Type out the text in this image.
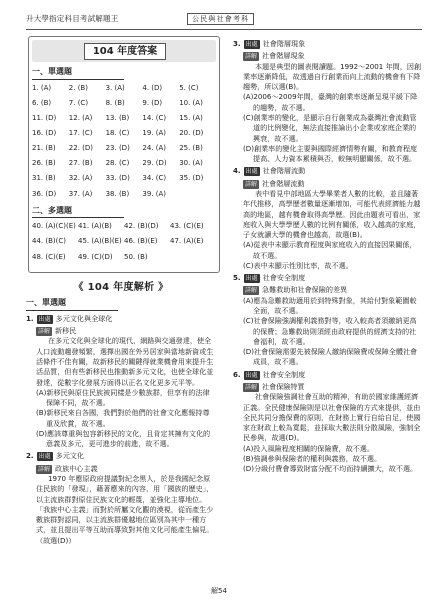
升大學指定科目考試解題王	公民與社會考科
104 年度答案
一、單選題
1. (A)	2. (B)	3. (A)	4. (D)	5. (C)
6. (B)	7. (C)	8. (B)	9. (D)	10. (A)
11. (D)	12. (A)	13. (B)	14. (C)	15. (A)
16. (D)	17. (C)	18. (C)	19. (A)	20. (D)
21. (B)	22. (D)	23. (D)	24. (A)	25. (B)
26. (B)	27. (B)	28. (C)	29. (D)	30. (A)
31. (B)	32. (A)	33. (D)	34. (C)	35. (D)
36. (D)	37. (A)	38. (B)	39. (A)
二、多選題
40. (A)(C)(E) 41. (A)(B)	42. (B)(D)	43. (C)(E)
44. (B)(C)	45. (A)(B)(E) 46. (B)(E)	47. (A)(E)
48. (C)(E)	49. (C)(D)	50. (B)
《 104 年度解析 》
一、單選題
1. 出處 多元文化與全球化
詳解 新移民
在多元文化與全球化的現代，網路與交通發達，使全人口流動趨發頻繁，選擇出國在外另居家與當地新資或生活條件不佳有關，故新移民的關鍵得就業機會用來提升生活品質，但有些新移民也推動新多元文化，也使全球化並發達，從數字化發展方面得以正名文化更多元平等。
(A)新移民與原住民族被同樣是少數族群，但享有的法律保障不同，故不選。
(B)新移民來自各國，我們對於他們的社會文化應報持尊重及欣賞，故不選。
(D)應該尊重與包容新移民的文化，且肯定其擁有文化的意義及多元，更可進步的前進，故不選。
2. 出處 多元文化
詳解 政族中心主義
1970 年應原政府提議對紀念黑人，於是我國紀念原住民族的「發現」，藉著應來的內容，用「國族的歷史」，以主流族群對原住民族文化的輕蔑，並強化主導地位。「我族中心主義」而對於所屬文化觀的漠視，從而產生少數族群對認同，以主流族群優越地位區別為其中一種方式，並且提出平等互助而導致對其他文化可能產生偏見。（故選(D)）
3. 出處 社會階層現象
詳解 社會階層現象
本題是典型的圖表閱讀題。1992～2001 年間，因創業率逐漸降低，故透過自行創業而向上流動的機會有下降趨勢，所以選(B)。
(A)2006～2009年間，臺灣的創業率逐漸呈現平緩下降的趨勢，故不選。
(C)創業率的變化，是顯示自行創業成為臺灣社會流動管道的比例變化，無法直接推論出小企業或家庭企業的興衰，故不選。
(D)創業率的變化主要與國際經濟情勢有關，和教育程度提高、人力資本累積與否，較無明顯關係，故不選。
4. 出處 社會階層流動
詳解 社會階層流動
表中看見中部地區大學畢業者人數的比較，並且隨著年代推移，高學歷者數量逐漸增加，可能代表經濟能力越高的地區，越有機會取得高學歷。因此由題表可看出，家庭收入與大學學歷人數的比例有關係，收入越高的家庭，子女就讀大學的機會也越高，故選(B)。
(A)從表中未顯示教育程度與家庭收入的直接因果關係，故不選。
(C)表中未顯示性別比率，故不選。
5. 出處 社會安全制度
詳解 急難救助和社會保險的差異
(A)應為急難救助適用於到特殊對象，其給付對象範圍較全面，故不選。
(C)社會保險強調權利義務對等，收入較高者須繳納更高的保費；急難救助則須經由政府提供的經濟支持的社會福利，故不選。
(D)社會保險需要先被保險人繳納保險費或保障全體社會成員，故不選。
6. 出處 社會安全制度
詳解 社會保險特質
社會保險強調社會互助的精神，有助於國家維護經濟正義。全民健康保險則是以社會保險的方式來提供，並由全民共同分擔保費的原則，在財務上實行自給自足，使國家在財政上較為寬鬆，並採取大數法則分散風險，強制全民參與，故選(D)。
(A)投入風險程度相關的保險費，故不選。
(B)強調參與保險者的權利與義務，故不選。
(D)分級付費會導致財富分配不均而持續擴大，故不選。
解54
